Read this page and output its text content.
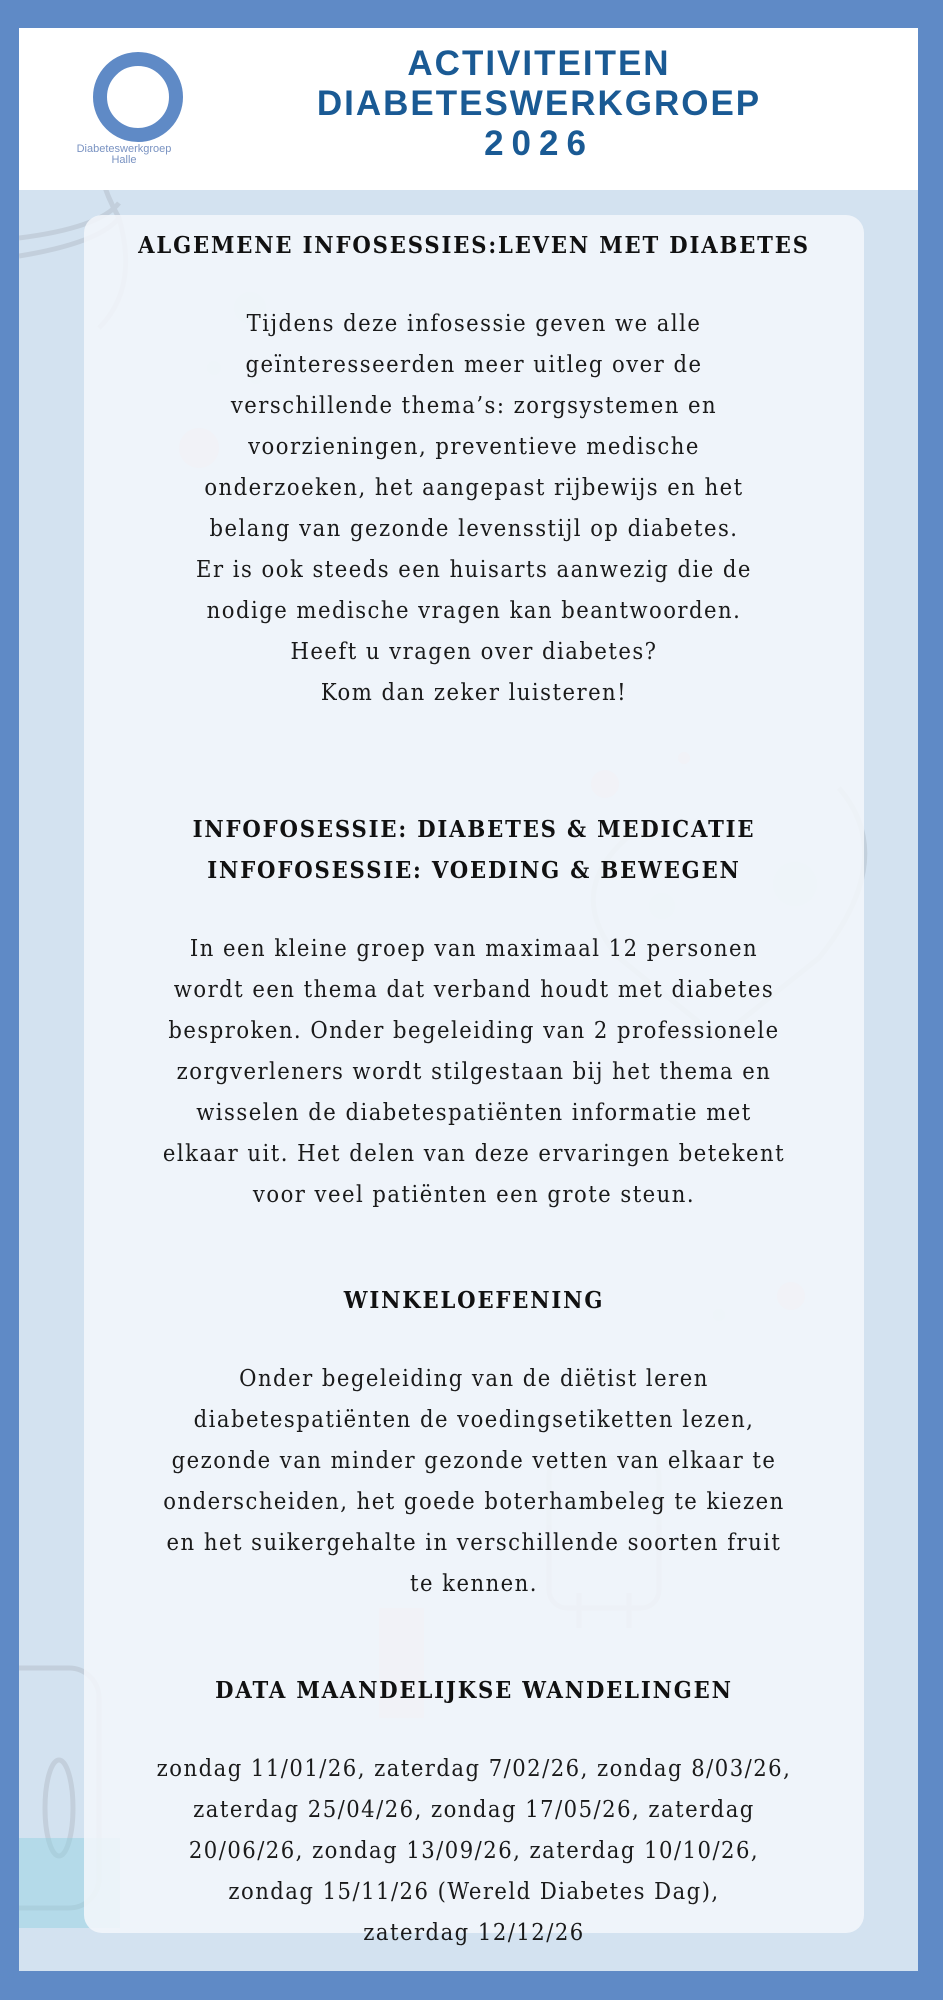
Diabeteswerkgroep
Halle
ACTIVITEITEN
DIABETESWERKGROEP
2026

ALGEMENE INFOSESSIES:LEVEN MET DIABETES

Tijdens deze infosessie geven we alle

geïnteresseerden meer uitleg over de

verschillende thema’s: zorgsystemen en

voorzieningen, preventieve medische

onderzoeken, het aangepast rijbewijs en het

belang van gezonde levensstijl op diabetes.

Er is ook steeds een huisarts aanwezig die de

nodige medische vragen kan beantwoorden.

Heeft u vragen over diabetes?

Kom dan zeker luisteren!

INFOFOSESSIE: DIABETES & MEDICATIE

INFOFOSESSIE: VOEDING & BEWEGEN

In een kleine groep van maximaal 12 personen

wordt een thema dat verband houdt met diabetes

besproken. Onder begeleiding van 2 professionele

zorgverleners wordt stilgestaan bij het thema en

wisselen de diabetespatiënten informatie met

elkaar uit. Het delen van deze ervaringen betekent

voor veel patiënten een grote steun.

WINKELOEFENING

Onder begeleiding van de diëtist leren

diabetespatiënten de voedingsetiketten lezen,

gezonde van minder gezonde vetten van elkaar te

onderscheiden, het goede boterhambeleg te kiezen

en het suikergehalte in verschillende soorten fruit

te kennen.

DATA MAANDELIJKSE WANDELINGEN

zondag 11/01/26, zaterdag 7/02/26, zondag 8/03/26,

zaterdag 25/04/26, zondag 17/05/26, zaterdag

20/06/26, zondag 13/09/26, zaterdag 10/10/26,

zondag 15/11/26 (Wereld Diabetes Dag),

zaterdag 12/12/26
